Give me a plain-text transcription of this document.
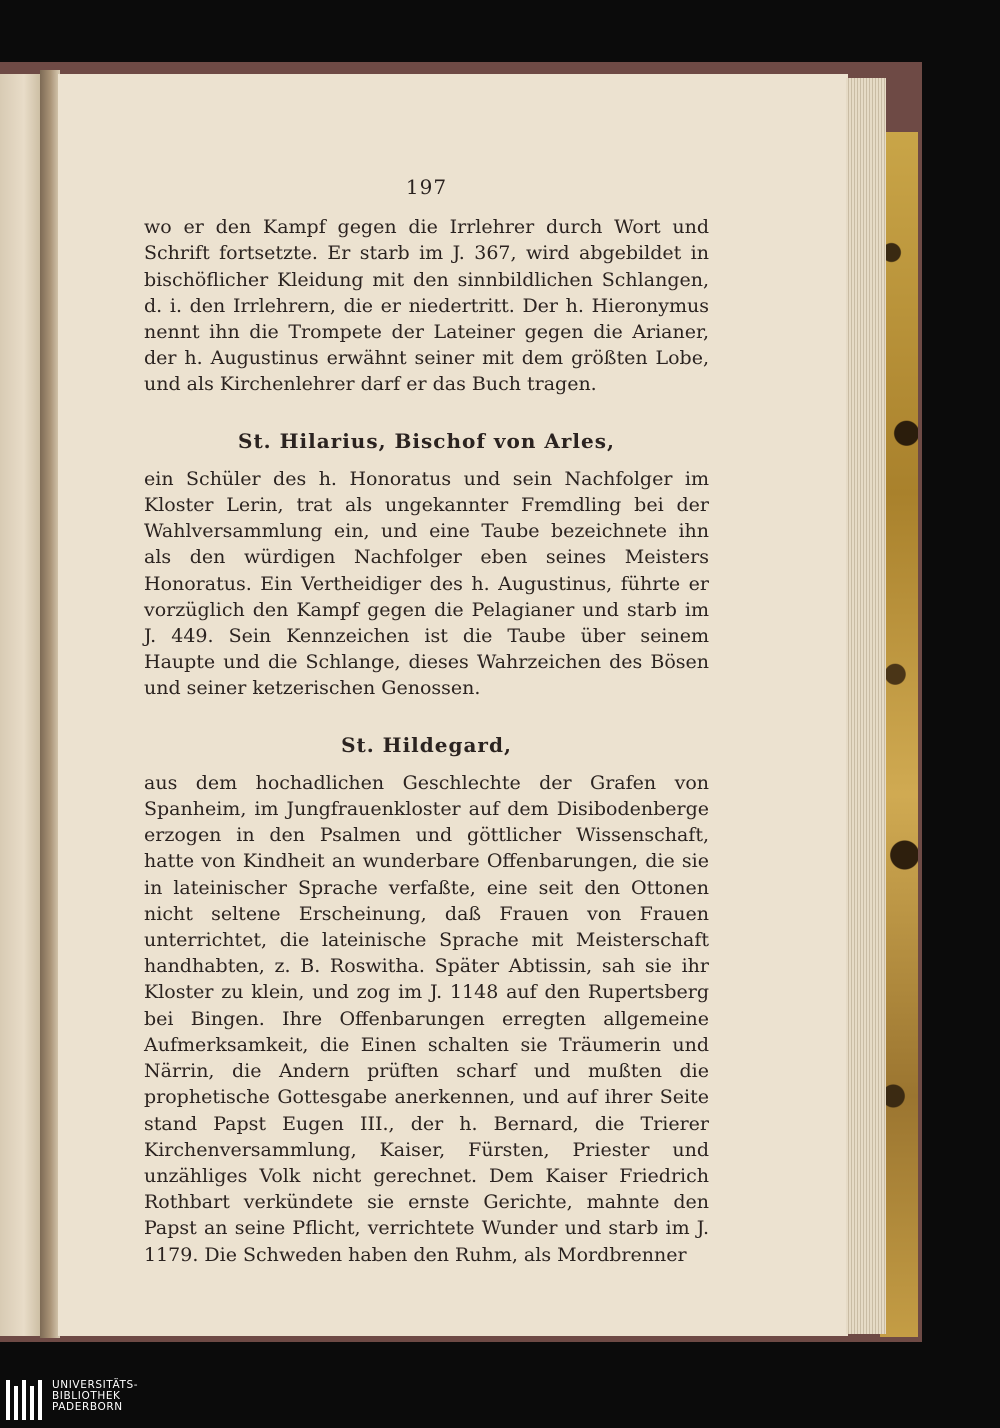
197

wo er den Kampf gegen die Irrlehrer durch Wort und Schrift fortsetzte. Er starb im J. 367, wird abgebildet in bischöflicher Kleidung mit den sinnbildlichen Schlangen, d. i. den Irrlehrern, die er niedertritt. Der h. Hieronymus nennt ihn die Trompete der Lateiner gegen die Arianer, der h. Augustinus erwähnt seiner mit dem größten Lobe, und als Kirchenlehrer darf er das Buch tragen.

St. Hilarius, Bischof von Arles,

ein Schüler des h. Honoratus und sein Nachfolger im Kloster Lerin, trat als ungekannter Fremdling bei der Wahlversammlung ein, und eine Taube bezeichnete ihn als den würdigen Nachfolger eben seines Meisters Honoratus. Ein Vertheidiger des h. Augustinus, führte er vorzüglich den Kampf gegen die Pelagianer und starb im J. 449. Sein Kennzeichen ist die Taube über seinem Haupte und die Schlange, dieses Wahrzeichen des Bösen und seiner ketzerischen Genossen.

St. Hildegard,

aus dem hochadlichen Geschlechte der Grafen von Spanheim, im Jungfrauenkloster auf dem Disibodenberge erzogen in den Psalmen und göttlicher Wissenschaft, hatte von Kindheit an wunderbare Offenbarungen, die sie in lateinischer Sprache verfaßte, eine seit den Ottonen nicht seltene Erscheinung, daß Frauen von Frauen unterrichtet, die lateinische Sprache mit Meisterschaft handhabten, z. B. Roswitha. Später Abtissin, sah sie ihr Kloster zu klein, und zog im J. 1148 auf den Rupertsberg bei Bingen. Ihre Offenbarungen erregten allgemeine Aufmerksamkeit, die Einen schalten sie Träumerin und Närrin, die Andern prüften scharf und mußten die prophetische Gottesgabe anerkennen, und auf ihrer Seite stand Papst Eugen III., der h. Bernard, die Trierer Kirchenversammlung, Kaiser, Fürsten, Priester und unzähliges Volk nicht gerechnet. Dem Kaiser Friedrich Rothbart verkündete sie ernste Gerichte, mahnte den Papst an seine Pflicht, verrichtete Wunder und starb im J. 1179. Die Schweden haben den Ruhm, als Mordbrenner

UNIVERSITÄTS-
BIBLIOTHEK
PADERBORN
